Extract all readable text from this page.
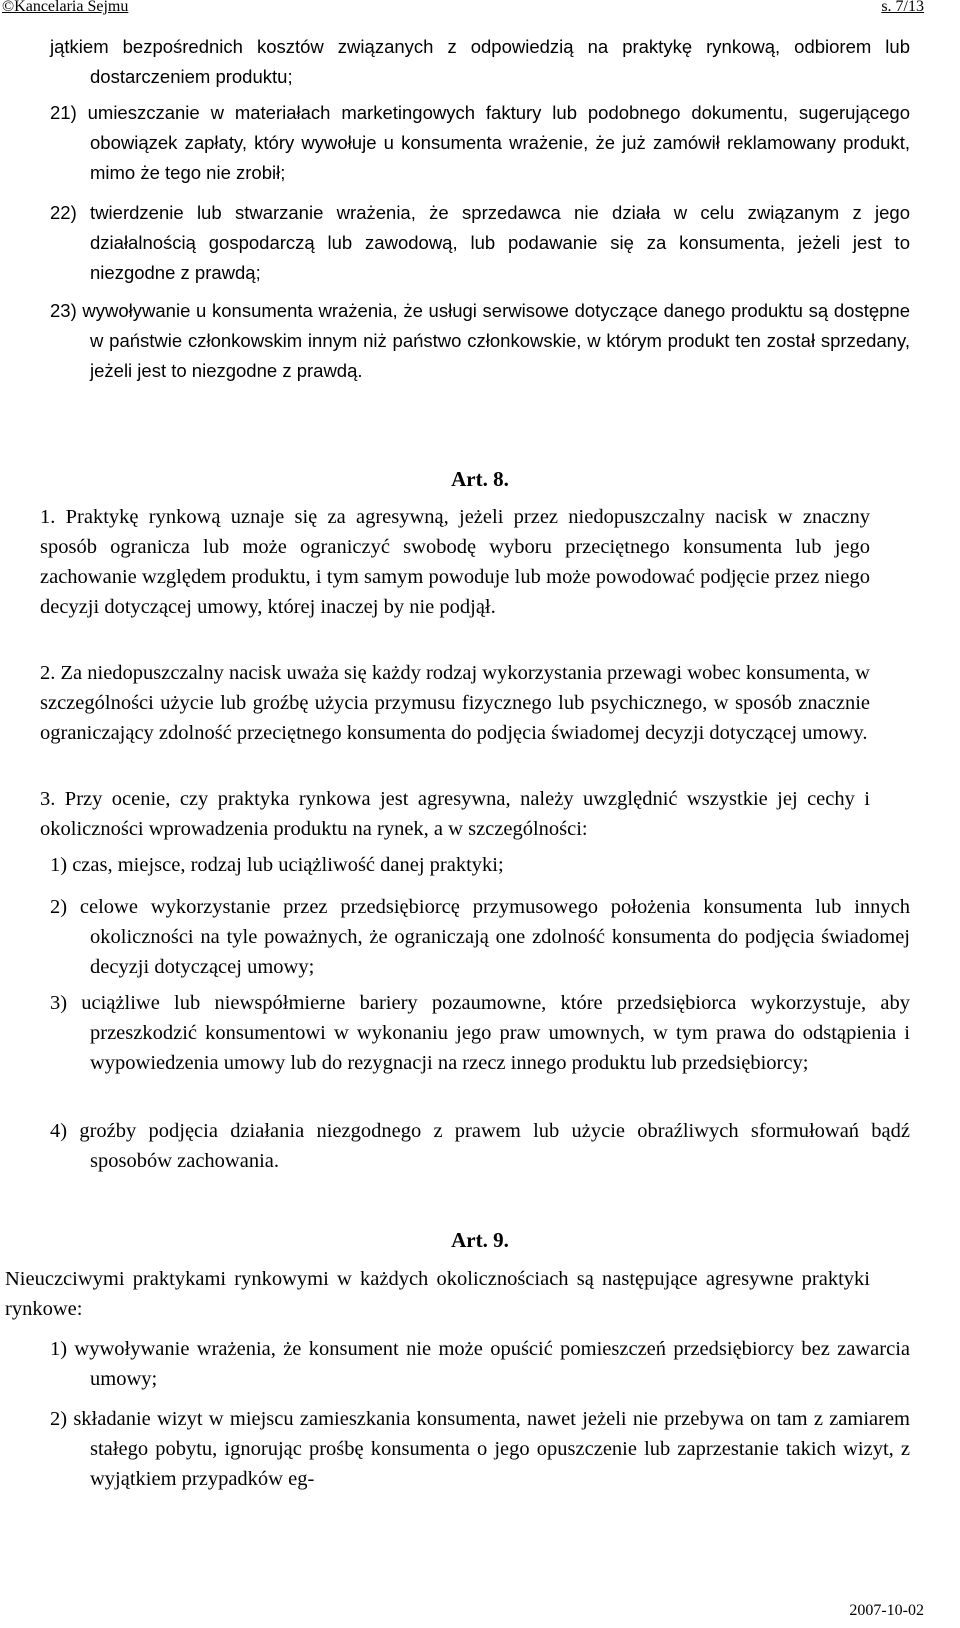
©Kancelaria Sejmu	s. 7/13
jątkiem bezpośrednich kosztów związanych z odpowiedzią na praktykę rynkową, odbiorem lub dostarczeniem produktu;
21) umieszczanie w materiałach marketingowych faktury lub podobnego dokumentu, sugerującego obowiązek zapłaty, który wywołuje u konsumenta wrażenie, że już zamówił reklamowany produkt, mimo że tego nie zrobił;
22) twierdzenie lub stwarzanie wrażenia, że sprzedawca nie działa w celu związanym z jego działalnością gospodarczą lub zawodową, lub podawanie się za konsumenta, jeżeli jest to niezgodne z prawdą;
23) wywoływanie u konsumenta wrażenia, że usługi serwisowe dotyczące danego produktu są dostępne w państwie członkowskim innym niż państwo członkowskie, w którym produkt ten został sprzedany, jeżeli jest to niezgodne z prawdą.
Art. 8.
1. Praktykę rynkową uznaje się za agresywną, jeżeli przez niedopuszczalny nacisk w znaczny sposób ogranicza lub może ograniczyć swobodę wyboru przeciętnego konsumenta lub jego zachowanie względem produktu, i tym samym powoduje lub może powodować podjęcie przez niego decyzji dotyczącej umowy, której inaczej by nie podjął.
2. Za niedopuszczalny nacisk uważa się każdy rodzaj wykorzystania przewagi wobec konsumenta, w szczególności użycie lub groźbę użycia przymusu fizycznego lub psychicznego, w sposób znacznie ograniczający zdolność przeciętnego konsumenta do podjęcia świadomej decyzji dotyczącej umowy.
3. Przy ocenie, czy praktyka rynkowa jest agresywna, należy uwzględnić wszystkie jej cechy i okoliczności wprowadzenia produktu na rynek, a w szczególności:
1) czas, miejsce, rodzaj lub uciążliwość danej praktyki;
2) celowe wykorzystanie przez przedsiębiorcę przymusowego położenia konsumenta lub innych okoliczności na tyle poważnych, że ograniczają one zdolność konsumenta do podjęcia świadomej decyzji dotyczącej umowy;
3) uciążliwe lub niewspółmierne bariery pozaumowne, które przedsiębiorca wykorzystuje, aby przeszkodzić konsumentowi w wykonaniu jego praw umownych, w tym prawa do odstąpienia i wypowiedzenia umowy lub do rezygnacji na rzecz innego produktu lub przedsiębiorcy;
4) groźby podjęcia działania niezgodnego z prawem lub użycie obraźliwych sformułowań bądź sposobów zachowania.
Art. 9.
Nieuczciwymi praktykami rynkowymi w każdych okolicznościach są następujące agresywne praktyki rynkowe:
1) wywoływanie wrażenia, że konsument nie może opuścić pomieszczeń przedsiębiorcy bez zawarcia umowy;
2) składanie wizyt w miejscu zamieszkania konsumenta, nawet jeżeli nie przebywa on tam z zamiarem stałego pobytu, ignorując prośbę konsumenta o jego opuszczenie lub zaprzestanie takich wizyt, z wyjątkiem przypadków eg-
2007-10-02
